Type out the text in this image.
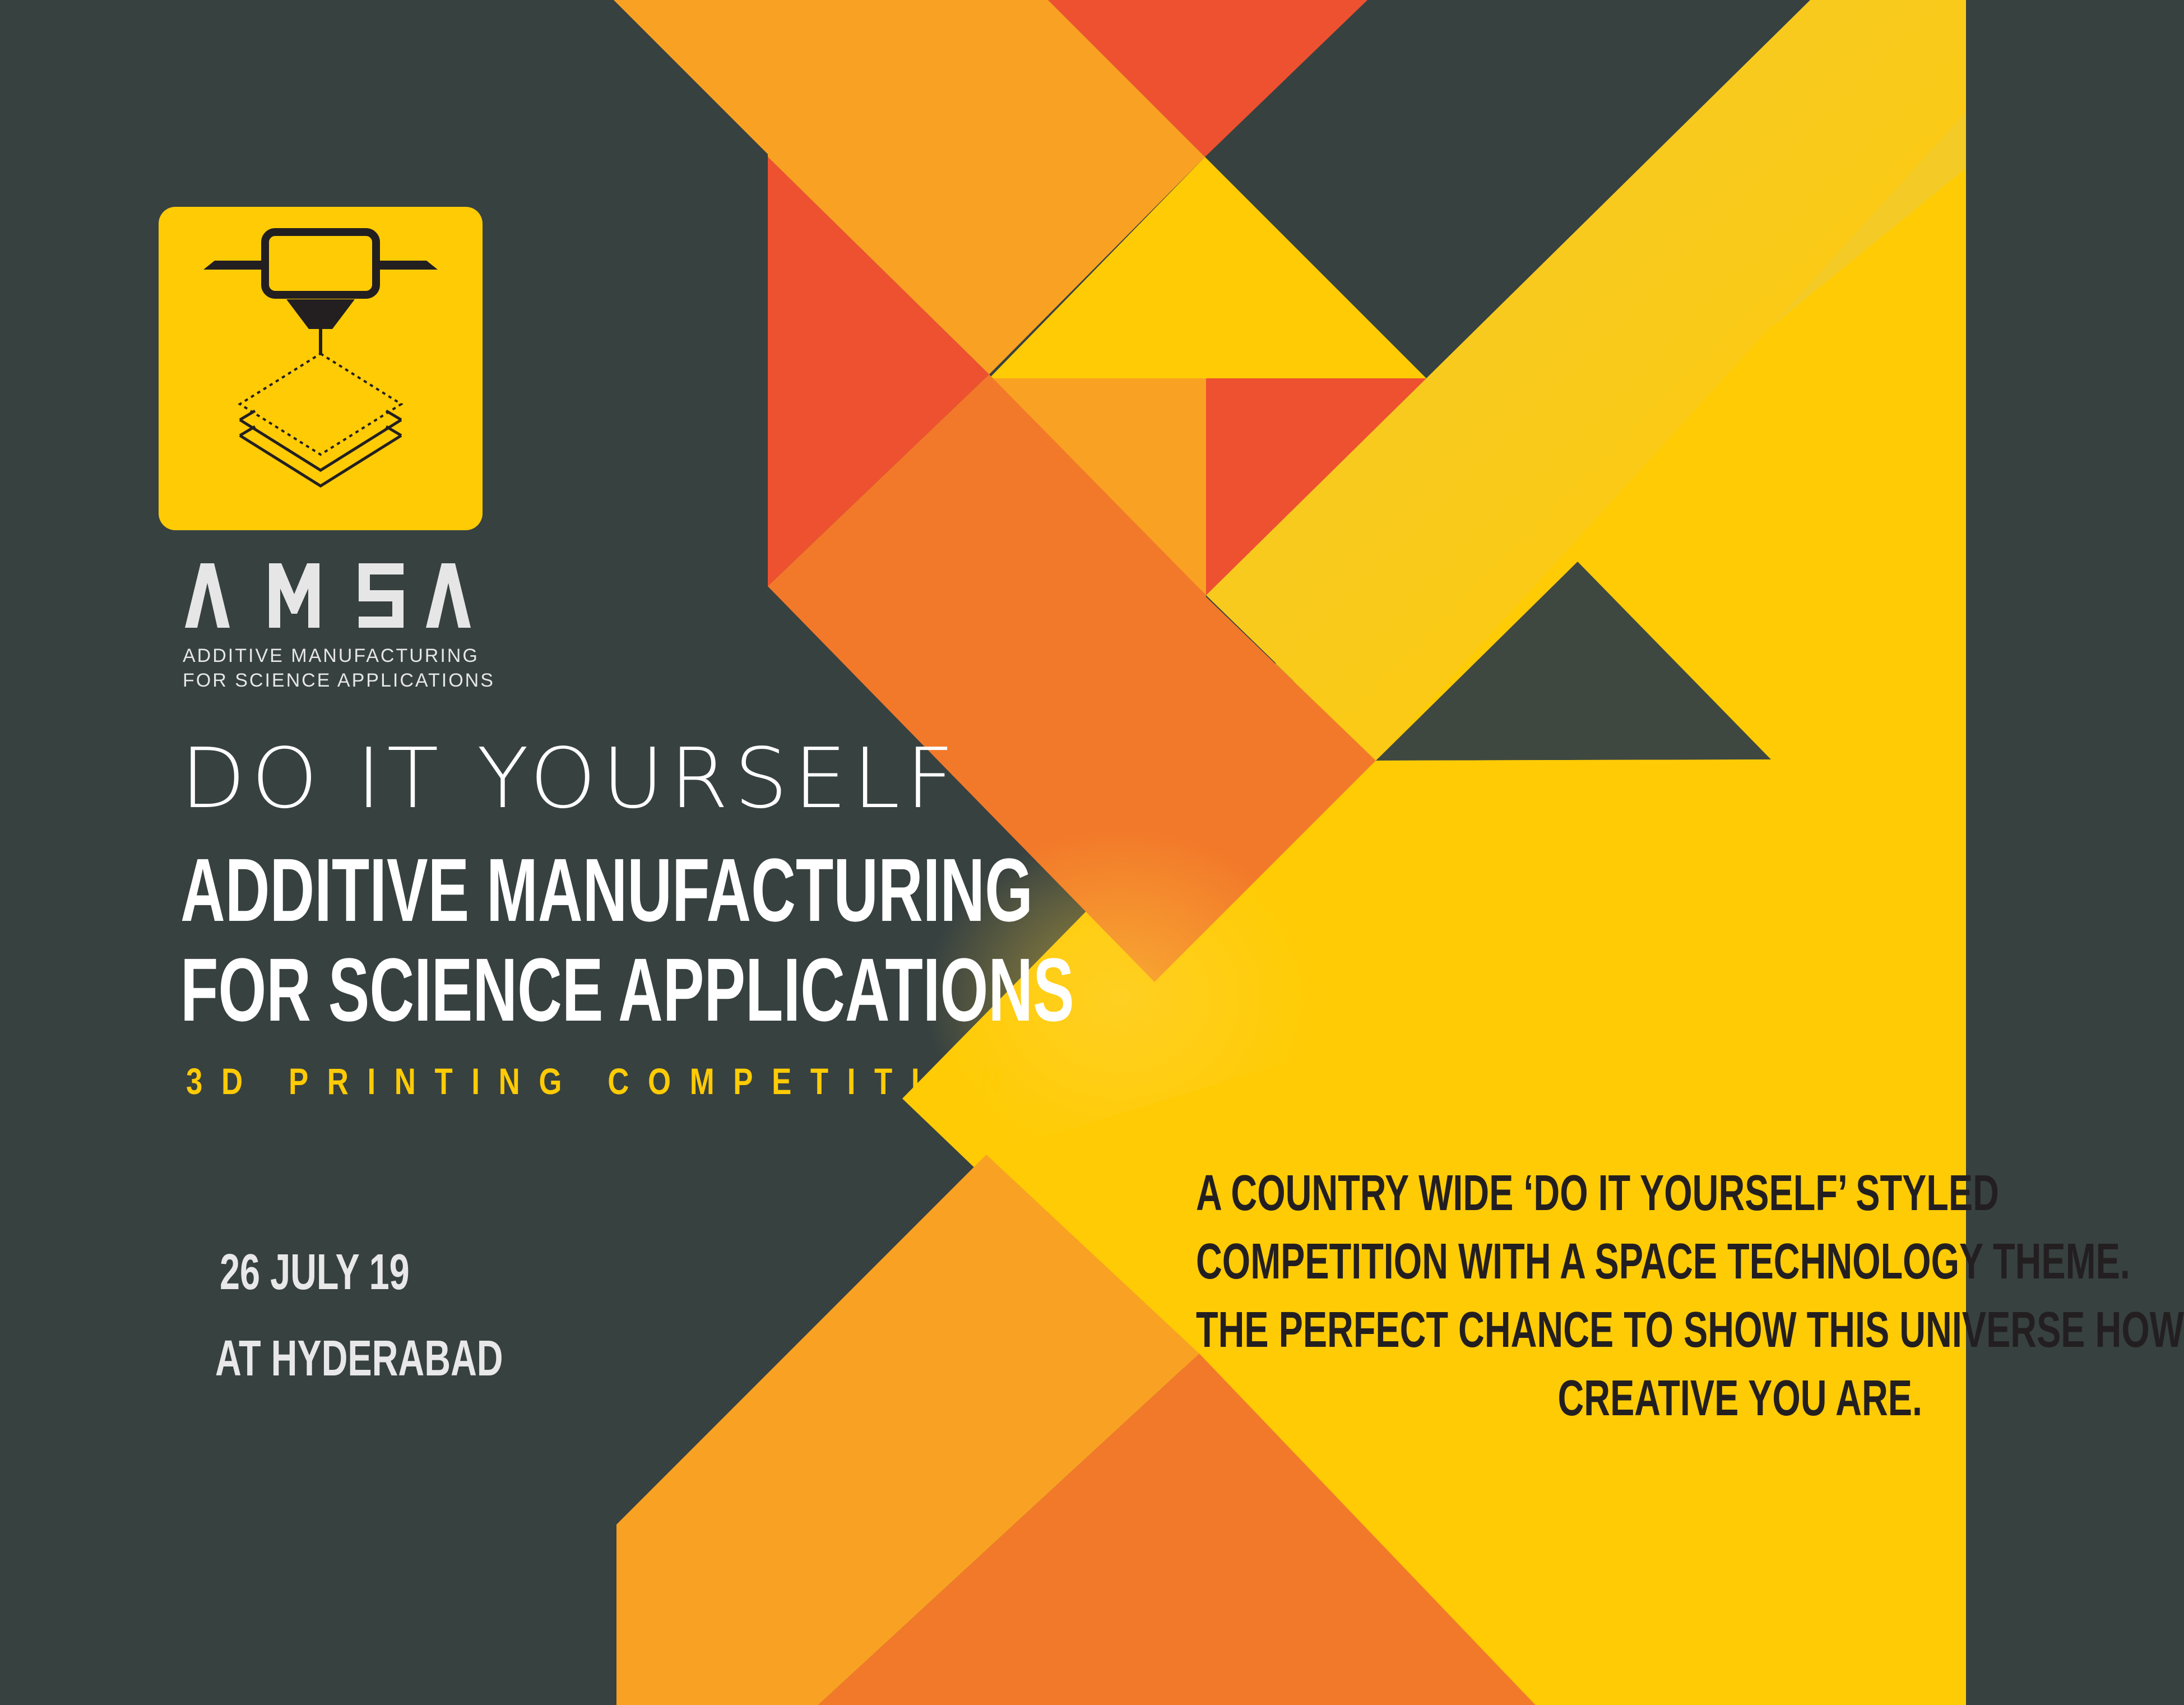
ADDITIVE MANUFACTURING
FOR SCIENCE APPLICATIONS
DO IT YOURSELF
ADDITIVE MANUFACTURING
FOR SCIENCE APPLICATIONS
3D PRINTING COMPETITION
26 JULY 19
AT HYDERABAD
A COUNTRY WIDE ‘DO IT YOURSELF’ STYLED
COMPETITION WITH A SPACE TECHNOLOGY THEME.
THE PERFECT CHANCE TO SHOW THIS UNIVERSE HOW
CREATIVE YOU ARE.
